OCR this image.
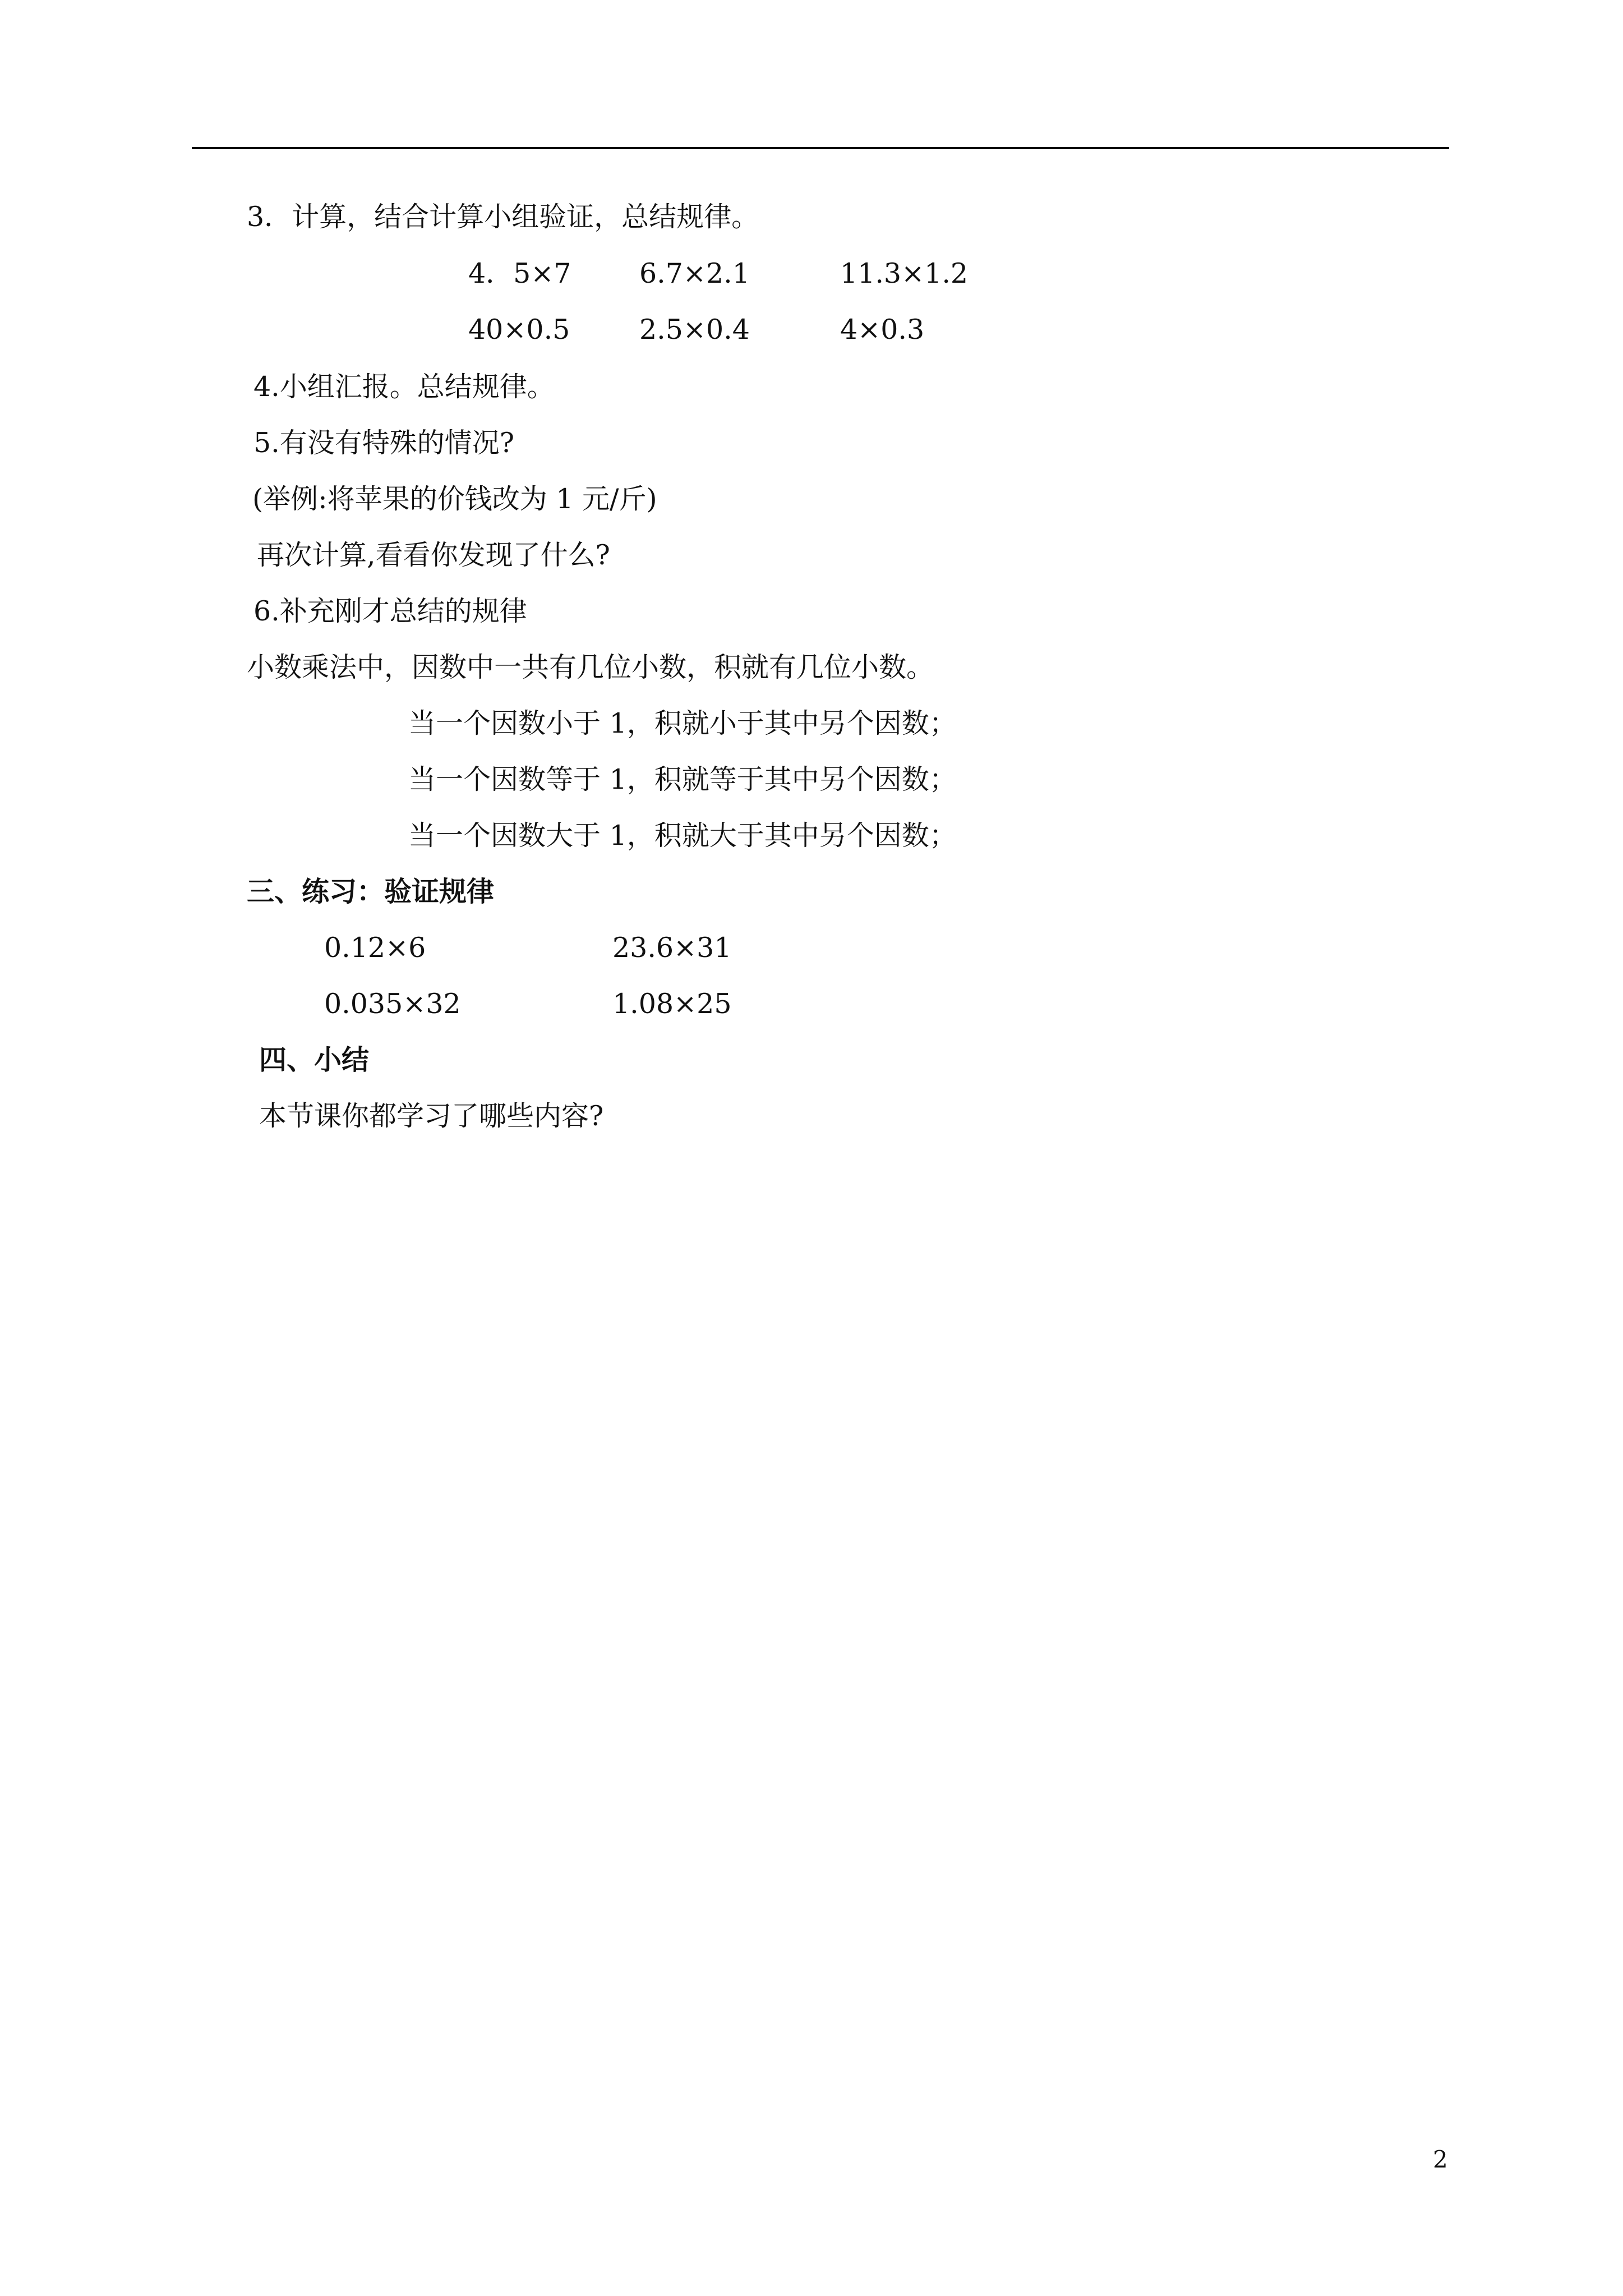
3．计算，结合计算小组验证，总结规律。
4．5×7 6.7×2.1	11.3×1.2
40×0.5	2.5×0.4	4×0.3
4.小组汇报。总结规律。
5.有没有特殊的情况?
(举例:将苹果的价钱改为 1 元/斤)
再次计算,看看你发现了什么?
6.补充刚才总结的规律
小数乘法中，因数中一共有几位小数，积就有几位小数。
当一个因数小于 1，积就小于其中另个因数；
当一个因数等于 1，积就等于其中另个因数；
当一个因数大于 1，积就大于其中另个因数；
三、练习：验证规律
0.12×6	23.6×31
0.035×32	1.08×25
四、小结
本节课你都学习了哪些内容?
2
